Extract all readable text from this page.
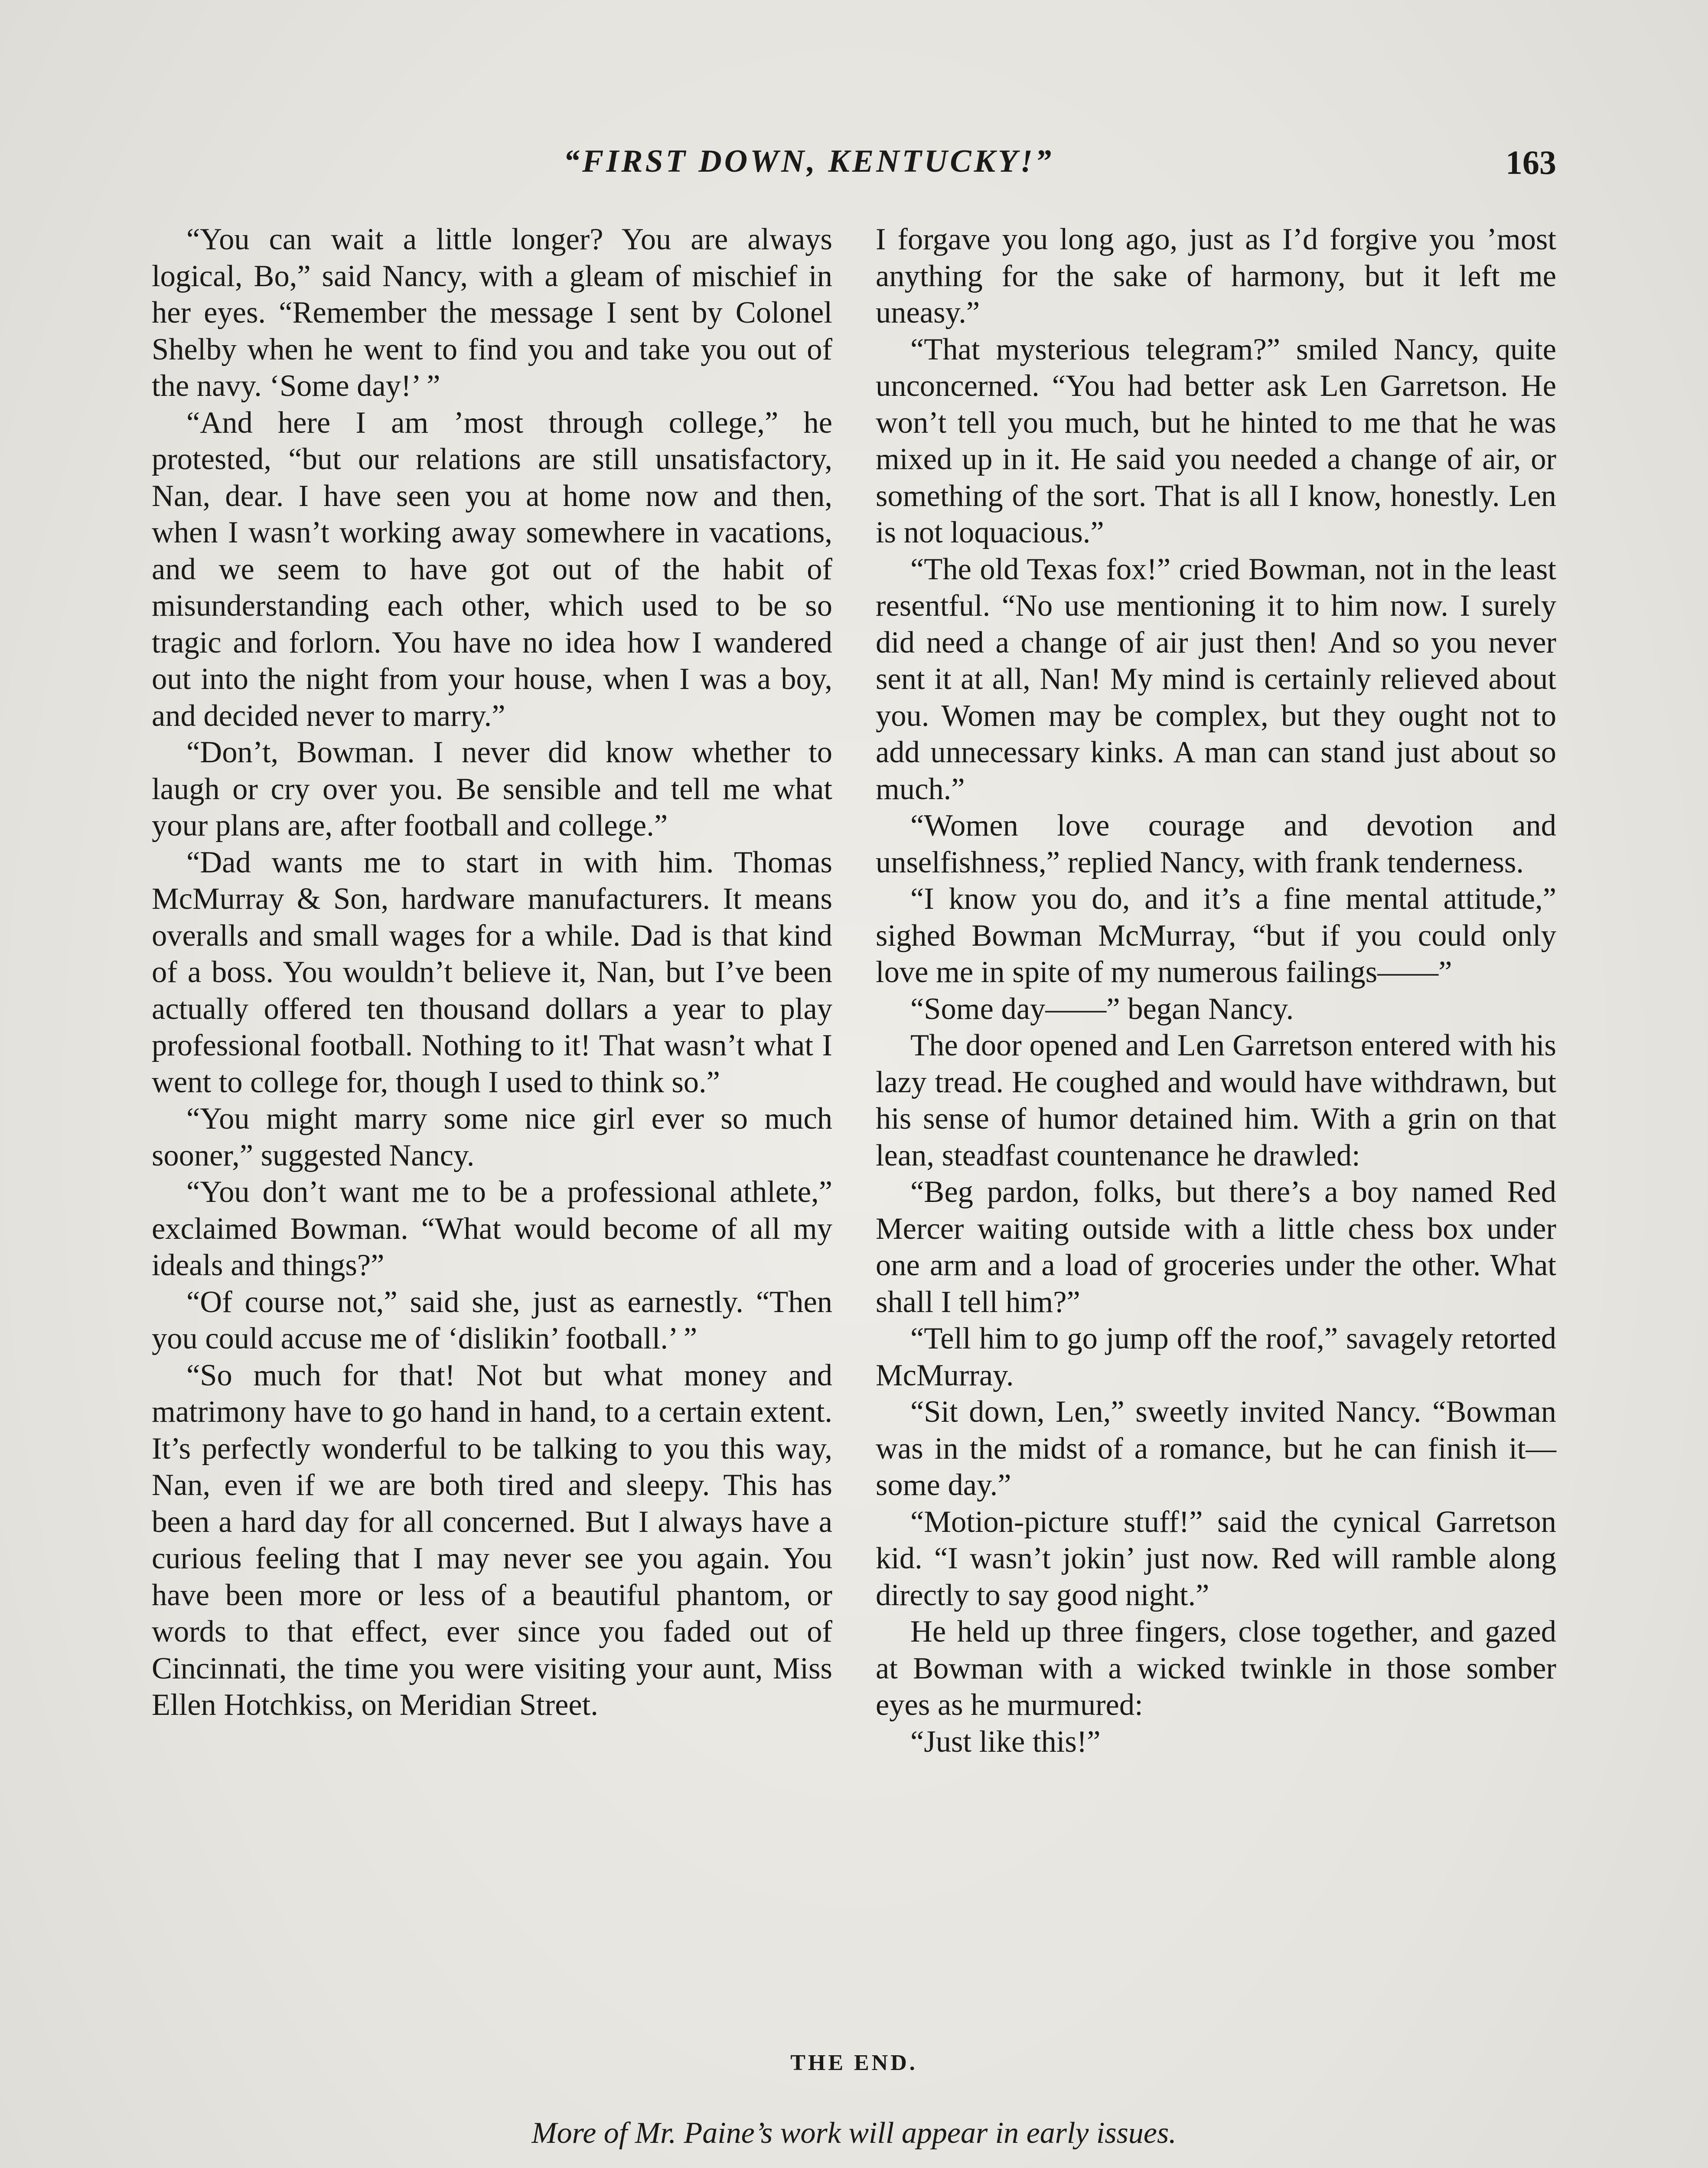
“FIRST DOWN, KENTUCKY!”	163

“You can wait a little longer? You are always logical, Bo,” said Nancy, with a gleam of mischief in her eyes. “Remember the message I sent by Colonel Shelby when he went to find you and take you out of the navy. ‘Some day!’ ”

“And here I am ’most through college,” he protested, “but our relations are still unsatisfactory, Nan, dear. I have seen you at home now and then, when I wasn’t working away somewhere in vacations, and we seem to have got out of the habit of misunderstanding each other, which used to be so tragic and forlorn. You have no idea how I wandered out into the night from your house, when I was a boy, and decided never to marry.”

“Don’t, Bowman. I never did know whether to laugh or cry over you. Be sensible and tell me what your plans are, after football and college.”

“Dad wants me to start in with him. Thomas McMurray & Son, hardware manufacturers. It means overalls and small wages for a while. Dad is that kind of a boss. You wouldn’t believe it, Nan, but I’ve been actually offered ten thousand dollars a year to play professional football. Nothing to it! That wasn’t what I went to college for, though I used to think so.”

“You might marry some nice girl ever so much sooner,” suggested Nancy.

“You don’t want me to be a professional athlete,” exclaimed Bowman. “What would become of all my ideals and things?”

“Of course not,” said she, just as earnestly. “Then you could accuse me of ‘dislikin’ football.’ ”

“So much for that! Not but what money and matrimony have to go hand in hand, to a certain extent. It’s perfectly wonderful to be talking to you this way, Nan, even if we are both tired and sleepy. This has been a hard day for all concerned. But I always have a curious feeling that I may never see you again. You have been more or less of a beautiful phantom, or words to that effect, ever since you faded out of Cincinnati, the time you were visiting your aunt, Miss Ellen Hotchkiss, on Meridian Street.

I forgave you long ago, just as I’d forgive you ’most anything for the sake of harmony, but it left me uneasy.”

“That mysterious telegram?” smiled Nancy, quite unconcerned. “You had better ask Len Garretson. He won’t tell you much, but he hinted to me that he was mixed up in it. He said you needed a change of air, or something of the sort. That is all I know, honestly. Len is not loquacious.”

“The old Texas fox!” cried Bowman, not in the least resentful. “No use mentioning it to him now. I surely did need a change of air just then! And so you never sent it at all, Nan! My mind is certainly relieved about you. Women may be complex, but they ought not to add unnecessary kinks. A man can stand just about so much.”

“Women love courage and devotion and unselfishness,” replied Nancy, with frank tenderness.

“I know you do, and it’s a fine mental attitude,” sighed Bowman McMurray, “but if you could only love me in spite of my numerous failings——”

“Some day——” began Nancy.

The door opened and Len Garretson entered with his lazy tread. He coughed and would have withdrawn, but his sense of humor detained him. With a grin on that lean, steadfast countenance he drawled:

“Beg pardon, folks, but there’s a boy named Red Mercer waiting outside with a little chess box under one arm and a load of groceries under the other. What shall I tell him?”

“Tell him to go jump off the roof,” savagely retorted McMurray.

“Sit down, Len,” sweetly invited Nancy. “Bowman was in the midst of a romance, but he can finish it—some day.”

“Motion-picture stuff!” said the cynical Garretson kid. “I wasn’t jokin’ just now. Red will ramble along directly to say good night.”

He held up three fingers, close together, and gazed at Bowman with a wicked twinkle in those somber eyes as he murmured:

“Just like this!”

THE END.
More of Mr. Paine’s work will appear in early issues.
